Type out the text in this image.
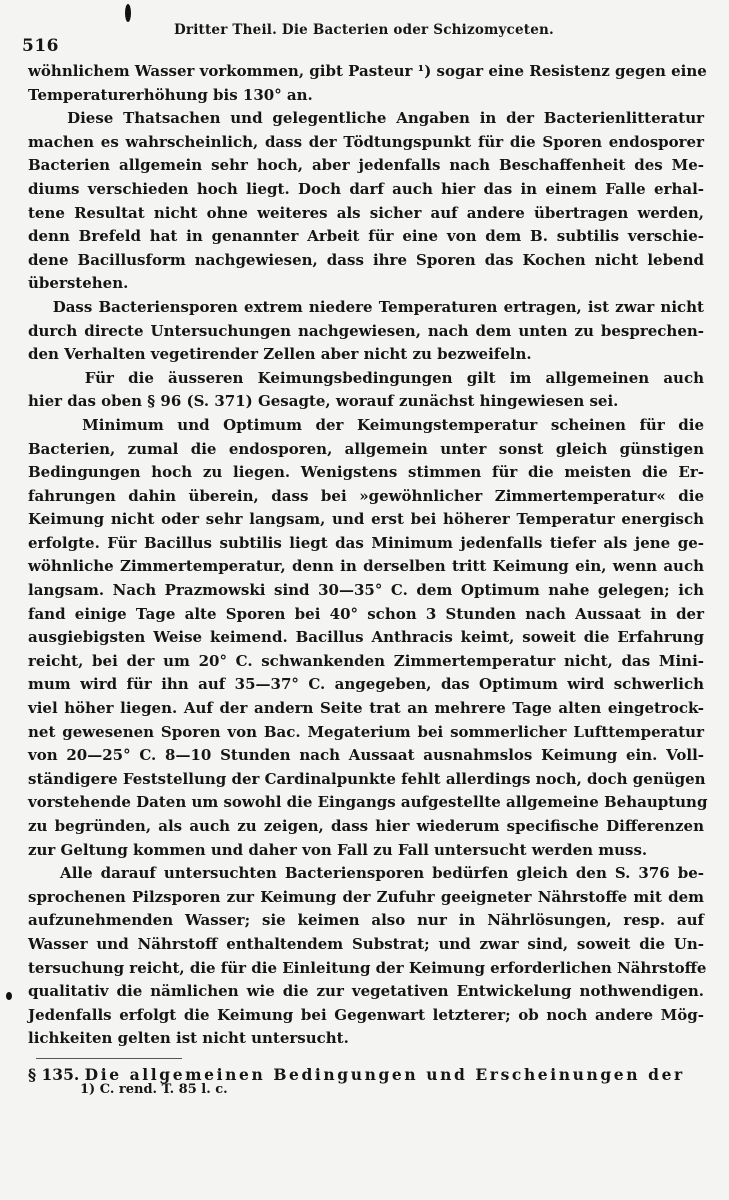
516
Dritter Theil. Die Bacterien oder Schizomyceten.
wöhnlichem Wasser vorkommen, gibt Pasteur ¹) sogar eine Resistenz gegen eine
Temperaturerhöhung bis 130° an.
Diese Thatsachen und gelegentliche Angaben in der Bacterienlitteratur
machen es wahrscheinlich, dass der Tödtungspunkt für die Sporen endosporer
Bacterien allgemein sehr hoch, aber jedenfalls nach Beschaffenheit des Me-
diums verschieden hoch liegt. Doch darf auch hier das in einem Falle erhal-
tene Resultat nicht ohne weiteres als sicher auf andere übertragen werden,
denn Brefeld hat in genannter Arbeit für eine von dem B. subtilis verschie-
dene Bacillusform nachgewiesen, dass ihre Sporen das Kochen nicht lebend
überstehen.
Dass Bacteriensporen extrem niedere Temperaturen ertragen, ist zwar nicht
durch directe Untersuchungen nachgewiesen, nach dem unten zu besprechen-
den Verhalten vegetirender Zellen aber nicht zu bezweifeln.
Für die äusseren Keimungsbedingungen gilt im allgemeinen auch
hier das oben § 96 (S. 371) Gesagte, worauf zunächst hingewiesen sei.
Minimum und Optimum der Keimungstemperatur scheinen für die
Bacterien, zumal die endosporen, allgemein unter sonst gleich günstigen
Bedingungen hoch zu liegen. Wenigstens stimmen für die meisten die Er-
fahrungen dahin überein, dass bei »gewöhnlicher Zimmertemperatur« die
Keimung nicht oder sehr langsam, und erst bei höherer Temperatur energisch
erfolgte. Für Bacillus subtilis liegt das Minimum jedenfalls tiefer als jene ge-
wöhnliche Zimmertemperatur, denn in derselben tritt Keimung ein, wenn auch
langsam. Nach Prazmowski sind 30—35° C. dem Optimum nahe gelegen; ich
fand einige Tage alte Sporen bei 40° schon 3 Stunden nach Aussaat in der
ausgiebigsten Weise keimend. Bacillus Anthracis keimt, soweit die Erfahrung
reicht, bei der um 20° C. schwankenden Zimmertemperatur nicht, das Mini-
mum wird für ihn auf 35—37° C. angegeben, das Optimum wird schwerlich
viel höher liegen. Auf der andern Seite trat an mehrere Tage alten eingetrock-
net gewesenen Sporen von Bac. Megaterium bei sommerlicher Lufttemperatur
von 20—25° C. 8—10 Stunden nach Aussaat ausnahmslos Keimung ein. Voll-
ständigere Feststellung der Cardinalpunkte fehlt allerdings noch, doch genügen
vorstehende Daten um sowohl die Eingangs aufgestellte allgemeine Behauptung
zu begründen, als auch zu zeigen, dass hier wiederum specifische Differenzen
zur Geltung kommen und daher von Fall zu Fall untersucht werden muss.
Alle darauf untersuchten Bacteriensporen bedürfen gleich den S. 376 be-
sprochenen Pilzsporen zur Keimung der Zufuhr geeigneter Nährstoffe mit dem
aufzunehmenden Wasser; sie keimen also nur in Nährlösungen, resp. auf
Wasser und Nährstoff enthaltendem Substrat; und zwar sind, soweit die Un-
tersuchung reicht, die für die Einleitung der Keimung erforderlichen Nährstoffe
qualitativ die nämlichen wie die zur vegetativen Entwickelung nothwendigen.
Jedenfalls erfolgt die Keimung bei Gegenwart letzterer; ob noch andere Mög-
lichkeiten gelten ist nicht untersucht.
§ 135. Die allgemeinen Bedingungen und Erscheinungen der
1) C. rend. T. 85 l. c.
